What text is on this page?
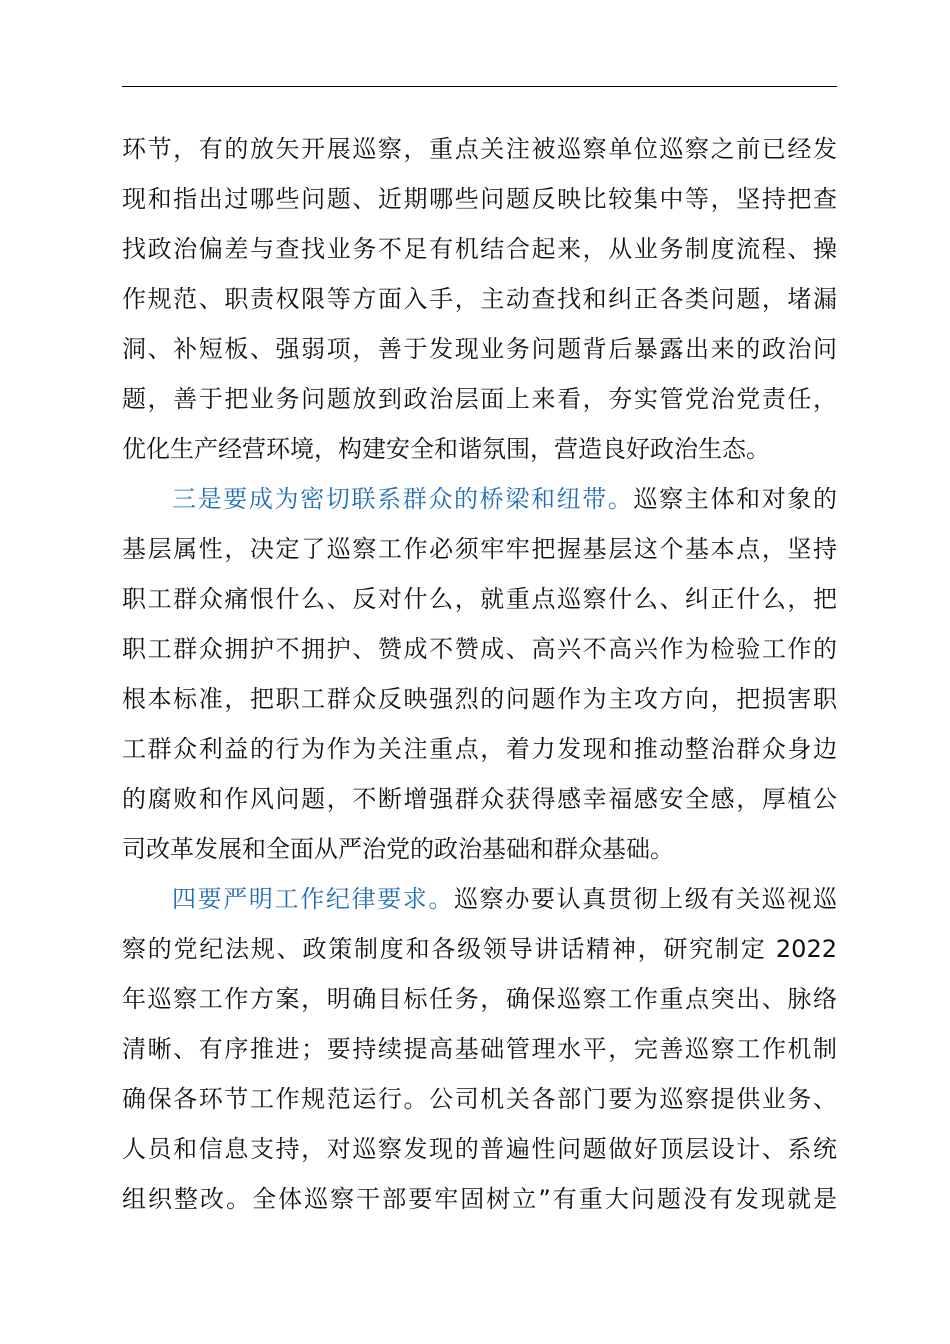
环节，有的放矢开展巡察，重点关注被巡察单位巡察之前已经发
现和指出过哪些问题、近期哪些问题反映比较集中等，坚持把查
找政治偏差与查找业务不足有机结合起来，从业务制度流程、操
作规范、职责权限等方面入手，主动查找和纠正各类问题，堵漏
洞、补短板、强弱项，善于发现业务问题背后暴露出来的政治问
题，善于把业务问题放到政治层面上来看，夯实管党治党责任，
优化生产经营环境，构建安全和谐氛围，营造良好政治生态。
三是要成为密切联系群众的桥梁和纽带。巡察主体和对象的
基层属性，决定了巡察工作必须牢牢把握基层这个基本点，坚持
职工群众痛恨什么、反对什么，就重点巡察什么、纠正什么，把
职工群众拥护不拥护、赞成不赞成、高兴不高兴作为检验工作的
根本标准，把职工群众反映强烈的问题作为主攻方向，把损害职
工群众利益的行为作为关注重点，着力发现和推动整治群众身边
的腐败和作风问题，不断增强群众获得感幸福感安全感，厚植公
司改革发展和全面从严治党的政治基础和群众基础。
四要严明工作纪律要求。巡察办要认真贯彻上级有关巡视巡
察的党纪法规、政策制度和各级领导讲话精神，研究制定 2022
年巡察工作方案，明确目标任务，确保巡察工作重点突出、脉络
清晰、有序推进；要持续提高基础管理水平，完善巡察工作机制
确保各环节工作规范运行。公司机关各部门要为巡察提供业务、
人员和信息支持，对巡察发现的普遍性问题做好顶层设计、系统
组织整改。全体巡察干部要牢固树立”有重大问题没有发现就是
